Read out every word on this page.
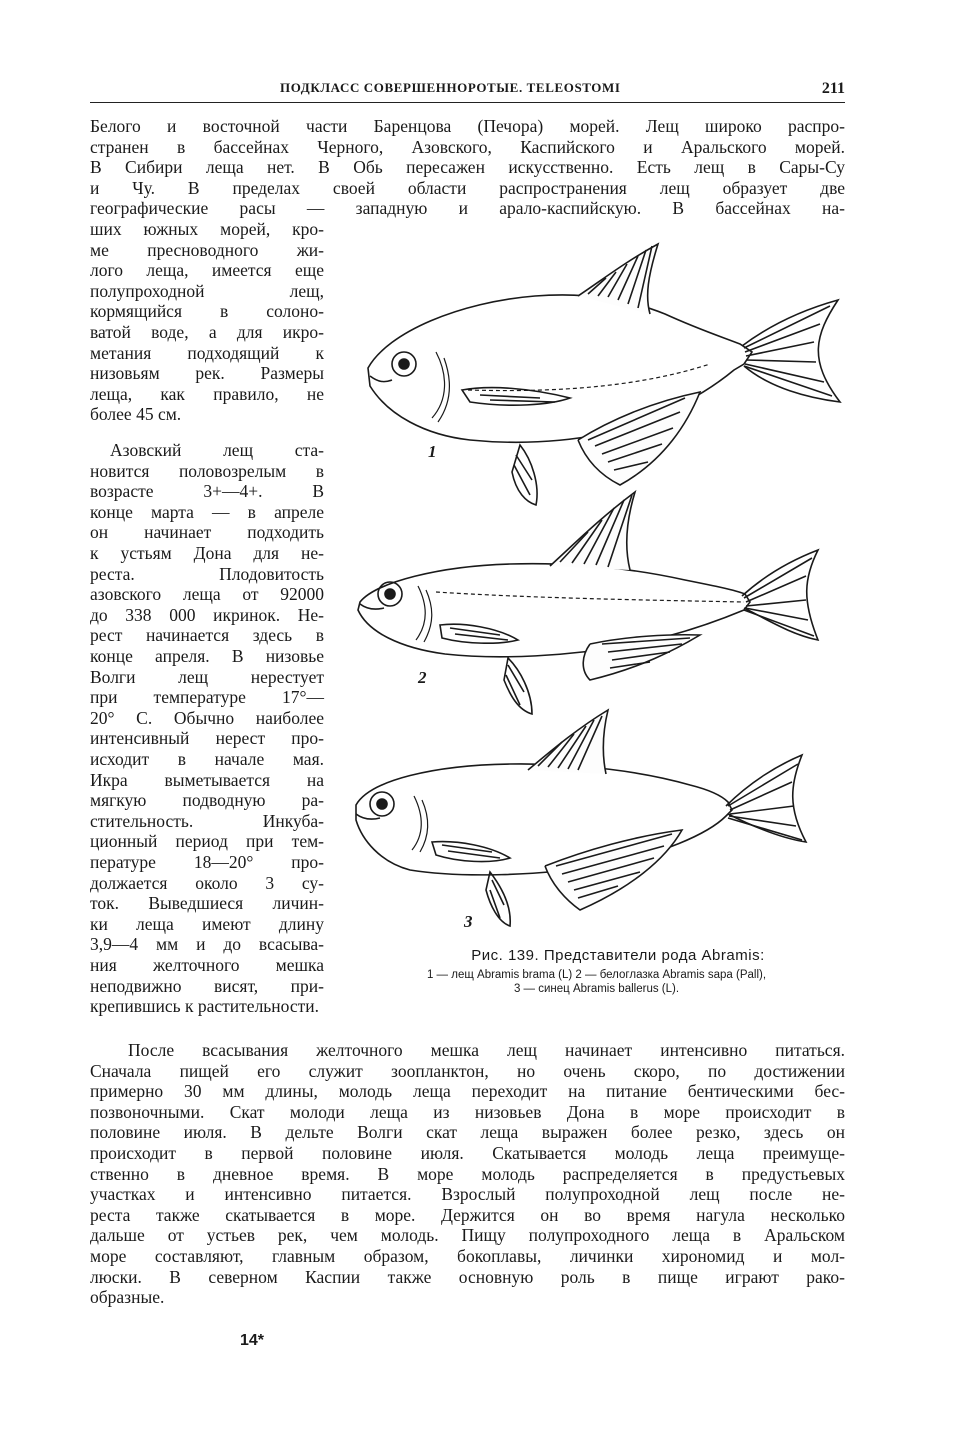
ПОДКЛАСС СОВЕРШЕННОРОТЫЕ. TELEOSTOMI	211
Белого и восточной части Баренцова (Печора) морей. Лещ широко распро-
странен в бассейнах Черного, Азовского, Каспийского и Аральского морей.
В Сибири леща нет. В Обь пересажен искусственно. Есть лещ в Сары-Су
и Чу. В пределах своей области распространения лещ образует две
географические расы — западную и арало-каспийскую. В бассейнах на-
ших южных морей, кро-
ме пресноводного жи-
лого леща, имеется еще
полупроходной лещ,
кормящийся в солоно-
ватой воде, а для икро-
метания подходящий к
низовьям рек. Размеры
леща, как правило, не
более 45 см.
Азовский лещ ста-
новится половозрелым в
возрасте 3+—4+. В
конце марта — в апреле
он начинает подходить
к устьям Дона для не-
реста. Плодовитость
азовского леща от 92000
до 338 000 икринок. Не-
рест начинается здесь в
конце апреля. В низовье
Волги лещ нерестует
при температуре 17°—
20° С. Обычно наиболее
интенсивный нерест про-
исходит в начале мая.
Икра выметывается на
мягкую подводную ра-
стительность. Инкуба-
ционный период при тем-
пературе 18—20° про-
должается около 3 су-
ток. Выведшиеся личин-
ки леща имеют длину
3,9—4 мм и до всасыва-
ния желточного мешка
неподвижно висят, при-
крепившись к растительности.
1
2
3
Рис. 139. Представители рода Abramis:
1 — лещ Abramis brama (L) 2 — белоглазка Abramis sapa (Pall),
3 — синец Abramis ballerus (L).
После всасывания желточного мешка лещ начинает интенсивно питаться.
Сначала пищей его служит зоопланктон, но очень скоро, по достижении
примерно 30 мм длины, молодь леща переходит на питание бентическими бес-
позвоночными. Скат молоди леща из низовьев Дона в море происходит в
половине июля. В дельте Волги скат леща выражен более резко, здесь он
происходит в первой половине июля. Скатывается молодь леща преимуще-
ственно в дневное время. В море молодь распределяется в предустьевых
участках и интенсивно питается. Взрослый полупроходной лещ после не-
реста также скатывается в море. Держится он во время нагула несколько
дальше от устьев рек, чем молодь. Пищу полупроходного леща в Аральском
море составляют, главным образом, бокоплавы, личинки хирономид и мол-
люски. В северном Каспии также основную роль в пище играют рако-
образные.
14*
